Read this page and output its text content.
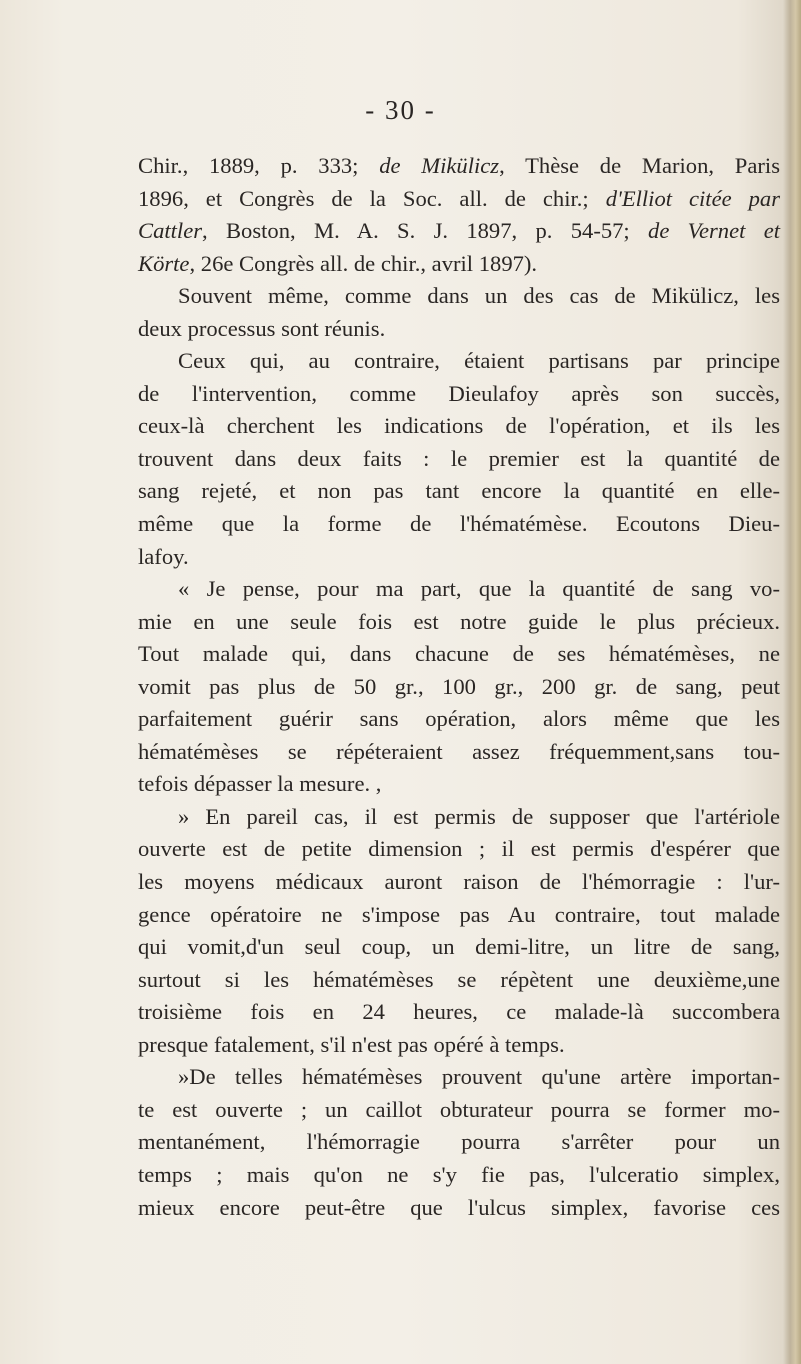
- 30 -
Chir., 1889, p. 333; de Mikülicz, Thèse de Marion, Paris
1896, et Congrès de la Soc. all. de chir.; d'Elliot citée par
Cattler, Boston, M. A. S. J. 1897, p. 54-57; de Vernet et
Körte, 26e Congrès all. de chir., avril 1897).
Souvent même, comme dans un des cas de Mikülicz, les
deux processus sont réunis.
Ceux qui, au contraire, étaient partisans par principe
de l'intervention, comme Dieulafoy après son succès,
ceux-là cherchent les indications de l'opération, et ils les
trouvent dans deux faits : le premier est la quantité de
sang rejeté, et non pas tant encore la quantité en elle-
même que la forme de l'hématémèse. Ecoutons Dieu-
lafoy.
« Je pense, pour ma part, que la quantité de sang vo-
mie en une seule fois est notre guide le plus précieux.
Tout malade qui, dans chacune de ses hématémèses, ne
vomit pas plus de 50 gr., 100 gr., 200 gr. de sang, peut
parfaitement guérir sans opération, alors même que les
hématémèses se répéteraient assez fréquemment,sans tou-
tefois dépasser la mesure. ,
» En pareil cas, il est permis de supposer que l'artériole
ouverte est de petite dimension ; il est permis d'espérer que
les moyens médicaux auront raison de l'hémorragie : l'ur-
gence opératoire ne s'impose pas Au contraire, tout malade
qui vomit,d'un seul coup, un demi-litre, un litre de sang,
surtout si les hématémèses se répètent une deuxième,une
troisième fois en 24 heures, ce malade-là succombera
presque fatalement, s'il n'est pas opéré à temps.
»De telles hématémèses prouvent qu'une artère importan-
te est ouverte ; un caillot obturateur pourra se former mo-
mentanément, l'hémorragie pourra s'arrêter pour un
temps ; mais qu'on ne s'y fie pas, l'ulceratio simplex,
mieux encore peut-être que l'ulcus simplex, favorise ces
